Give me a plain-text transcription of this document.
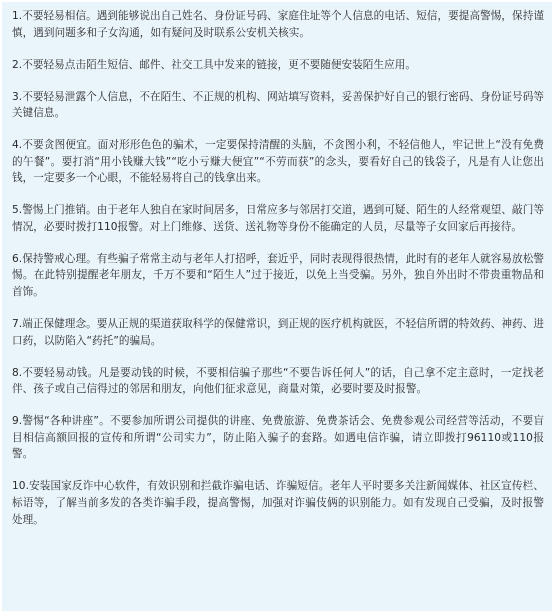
1.不要轻易相信。遇到能够说出自己姓名、身份证号码、家庭住址等个人信息的电话、短信，要提高警惕，保持谨慎，遇到问题多和子女沟通，如有疑问及时联系公安机关核实。

2.不要轻易点击陌生短信、邮件、社交工具中发来的链接，更不要随便安装陌生应用。

3.不要轻易泄露个人信息，不在陌生、不正规的机构、网站填写资料，妥善保护好自己的银行密码、身份证号码等关键信息。

4.不要贪图便宜。面对形形色色的骗术，一定要保持清醒的头脑，不贪图小利，不轻信他人，牢记世上“没有免费的午餐”。要打消“用小钱赚大钱”“吃小亏赚大便宜”“不劳而获”的念头，要看好自己的钱袋子，凡是有人让您出钱，一定要多一个心眼，不能轻易将自己的钱拿出来。

5.警惕上门推销。由于老年人独自在家时间居多，日常应多与邻居打交道，遇到可疑、陌生的人经常观望、敲门等情况，必要时拨打110报警。对上门维修、送货、送礼物等身份不能确定的人员，尽量等子女回家后再接待。

6.保持警戒心理。有些骗子常常主动与老年人打招呼，套近乎，同时表现得很热情，此时有的老年人就容易放松警惕。在此特别提醒老年朋友，千万不要和“陌生人”过于接近，以免上当受骗。另外，独自外出时不带贵重物品和首饰。

7.端正保健理念。要从正规的渠道获取科学的保健常识，到正规的医疗机构就医，不轻信所谓的特效药、神药、进口药，以防陷入“药托”的骗局。

8.不要轻易动钱。凡是要动钱的时候，不要相信骗子那些“不要告诉任何人”的话，自己拿不定主意时，一定找老伴、孩子或自己信得过的邻居和朋友，向他们征求意见，商量对策，必要时要及时报警。

9.警惕“各种讲座”。不要参加所谓公司提供的讲座、免费旅游、免费茶话会、免费参观公司经营等活动，不要盲目相信高额回报的宣传和所谓“公司实力”，防止陷入骗子的套路。如遇电信诈骗，请立即拨打96110或110报警。

10.安装国家反诈中心软件，有效识别和拦截诈骗电话、诈骗短信。老年人平时要多关注新闻媒体、社区宣传栏、标语等，了解当前多发的各类诈骗手段，提高警惕，加强对诈骗伎俩的识别能力。如有发现自己受骗，及时报警处理。
